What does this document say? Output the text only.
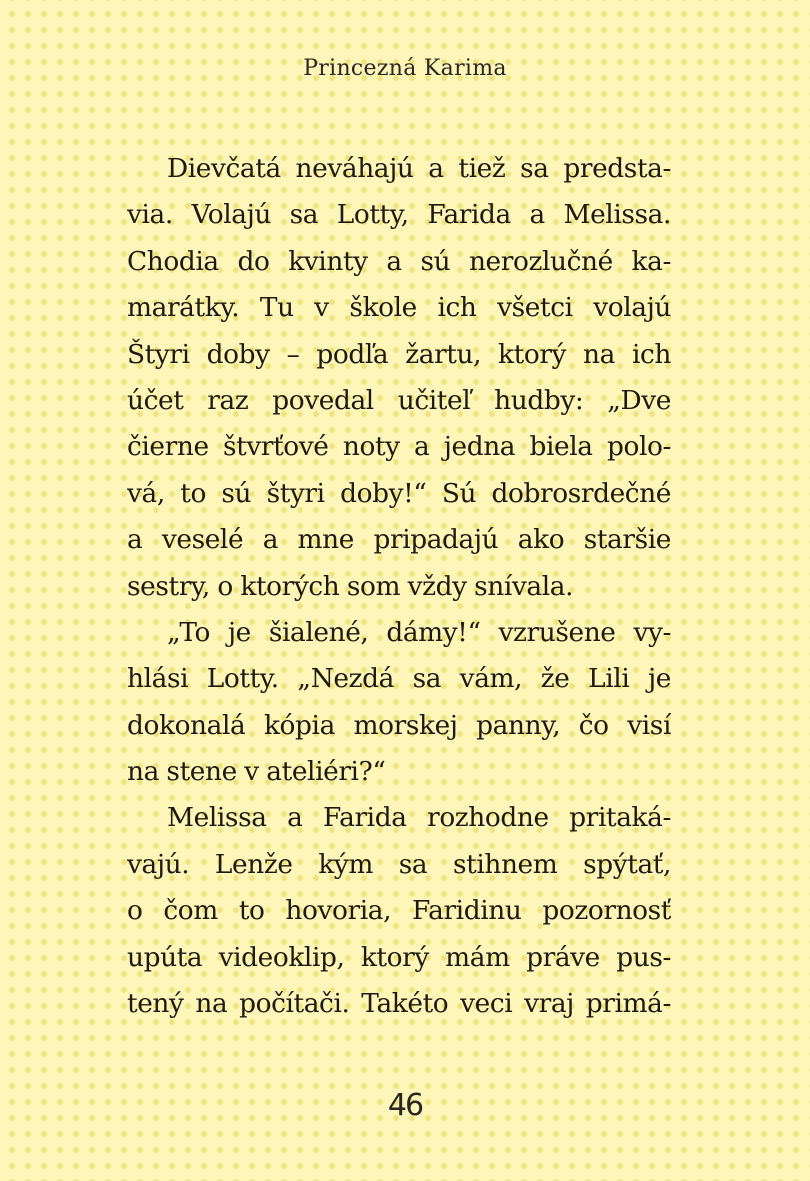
Princezná Karima
Dievčatá neváhajú a tiež sa predsta-
via. Volajú sa Lotty, Farida a Melissa.
Chodia do kvinty a sú nerozlučné ka-
marátky. Tu v škole ich všetci volajú
Štyri doby – podľa žartu, ktorý na ich
účet raz povedal učiteľ hudby: „Dve
čierne štvrťové noty a jedna biela polo-
vá, to sú štyri doby!“ Sú dobrosrdečné
a veselé a mne pripadajú ako staršie
sestry, o ktorých som vždy snívala.
„To je šialené, dámy!“ vzrušene vy-
hlási Lotty. „Nezdá sa vám, že Lili je
dokonalá kópia morskej panny, čo visí
na stene v ateliéri?“
Melissa a Farida rozhodne pritaká-
vajú. Lenže kým sa stihnem spýtať,
o čom to hovoria, Faridinu pozornosť
upúta videoklip, ktorý mám práve pus-
tený na počítači. Takéto veci vraj primá-
46
